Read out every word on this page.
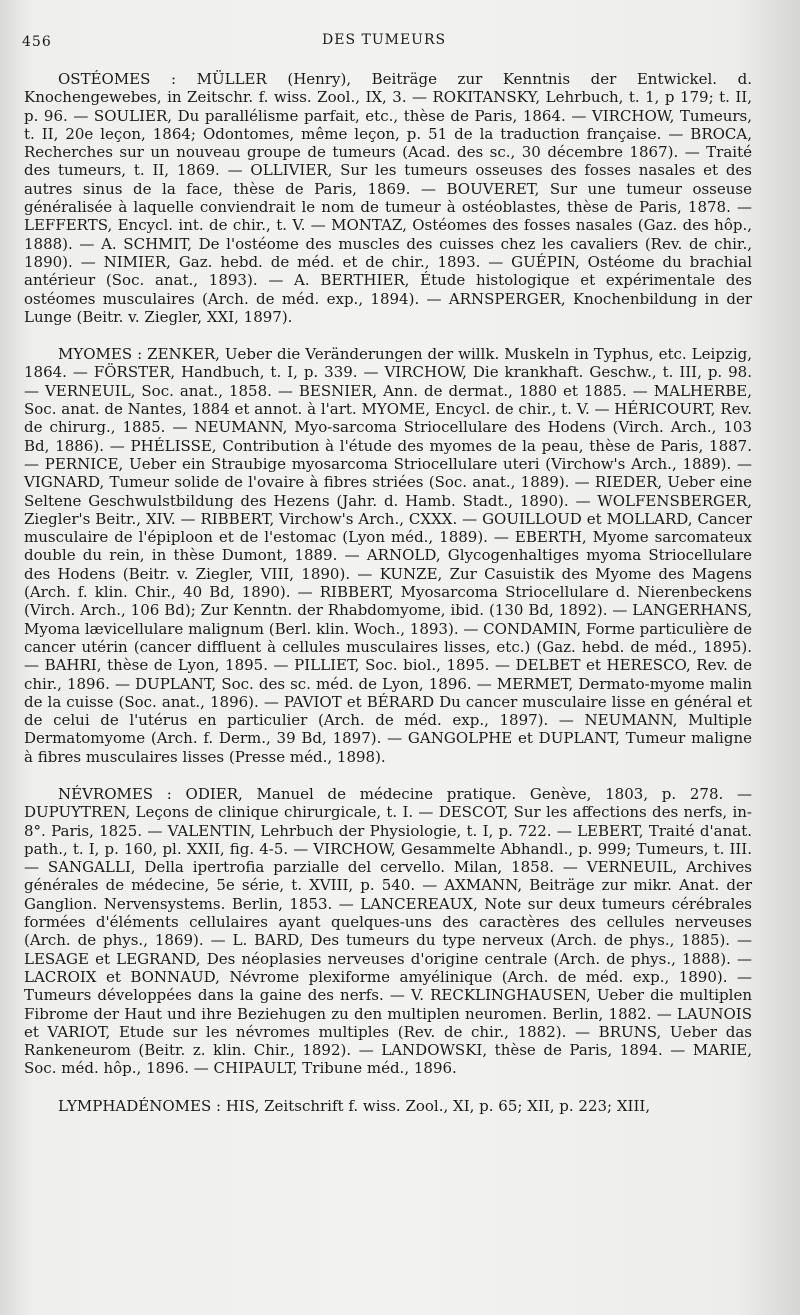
456	DES TUMEURS

OSTÉOMES : MÜLLER (Henry), Beiträge zur Kenntnis der Entwickel. d. Knochengewebes, in Zeitschr. f. wiss. Zool., IX, 3. — ROKITANSKY, Lehrbuch, t. 1, p 179; t. II, p. 96. — SOULIER, Du parallélisme parfait, etc., thèse de Paris, 1864. — VIRCHOW, Tumeurs, t. II, 20e leçon, 1864; Odontomes, même leçon, p. 51 de la traduction française. — BROCA, Recherches sur un nouveau groupe de tumeurs (Acad. des sc., 30 décembre 1867). — Traité des tumeurs, t. II, 1869. — OLLIVIER, Sur les tumeurs osseuses des fosses nasales et des autres sinus de la face, thèse de Paris, 1869. — BOUVERET, Sur une tumeur osseuse généralisée à laquelle conviendrait le nom de tumeur à ostéoblastes, thèse de Paris, 1878. — LEFFERTS, Encycl. int. de chir., t. V. — MONTAZ, Ostéomes des fosses nasales (Gaz. des hôp., 1888). — A. SCHMIT, De l'ostéome des muscles des cuisses chez les cavaliers (Rev. de chir., 1890). — NIMIER, Gaz. hebd. de méd. et de chir., 1893. — GUÉPIN, Ostéome du brachial antérieur (Soc. anat., 1893). — A. BERTHIER, Étude histologique et expérimentale des ostéomes musculaires (Arch. de méd. exp., 1894). — ARNSPERGER, Knochenbildung in der Lunge (Beitr. v. Ziegler, XXI, 1897).

MYOMES : ZENKER, Ueber die Veränderungen der willk. Muskeln in Typhus, etc. Leipzig, 1864. — FÖRSTER, Handbuch, t. I, p. 339. — VIRCHOW, Die krankhaft. Geschw., t. III, p. 98. — VERNEUIL, Soc. anat., 1858. — BESNIER, Ann. de dermat., 1880 et 1885. — MALHERBE, Soc. anat. de Nantes, 1884 et annot. à l'art. MYOME, Encycl. de chir., t. V. — HÉRICOURT, Rev. de chirurg., 1885. — NEUMANN, Myo-sarcoma Striocellulare des Hodens (Virch. Arch., 103 Bd, 1886). — PHÉLISSE, Contribution à l'étude des myomes de la peau, thèse de Paris, 1887. — PERNICE, Ueber ein Straubige myosarcoma Striocellulare uteri (Virchow's Arch., 1889). — VIGNARD, Tumeur solide de l'ovaire à fibres striées (Soc. anat., 1889). — RIEDER, Ueber eine Seltene Geschwulstbildung des Hezens (Jahr. d. Hamb. Stadt., 1890). — WOLFENSBERGER, Ziegler's Beitr., XIV. — RIBBERT, Virchow's Arch., CXXX. — GOUILLOUD et MOLLARD, Cancer musculaire de l'épiploon et de l'estomac (Lyon méd., 1889). — EBERTH, Myome sarcomateux double du rein, in thèse Dumont, 1889. — ARNOLD, Glycogenhaltiges myoma Striocellulare des Hodens (Beitr. v. Ziegler, VIII, 1890). — KUNZE, Zur Casuistik des Myome des Magens (Arch. f. klin. Chir., 40 Bd, 1890). — RIBBERT, Myosarcoma Striocellulare d. Nierenbeckens (Virch. Arch., 106 Bd); Zur Kenntn. der Rhabdomyome, ibid. (130 Bd, 1892). — LANGERHANS, Myoma lævicellulare malignum (Berl. klin. Woch., 1893). — CONDAMIN, Forme particulière de cancer utérin (cancer diffluent à cellules musculaires lisses, etc.) (Gaz. hebd. de méd., 1895). — BAHRI, thèse de Lyon, 1895. — PILLIET, Soc. biol., 1895. — DELBET et HERESCO, Rev. de chir., 1896. — DUPLANT, Soc. des sc. méd. de Lyon, 1896. — MERMET, Dermato-myome malin de la cuisse (Soc. anat., 1896). — PAVIOT et BÉRARD Du cancer musculaire lisse en général et de celui de l'utérus en particulier (Arch. de méd. exp., 1897). — NEUMANN, Multiple Dermatomyome (Arch. f. Derm., 39 Bd, 1897). — GANGOLPHE et DUPLANT, Tumeur maligne à fibres musculaires lisses (Presse méd., 1898).

NÉVROMES : ODIER, Manuel de médecine pratique. Genève, 1803, p. 278. — DUPUYTREN, Leçons de clinique chirurgicale, t. I. — DESCOT, Sur les affections des nerfs, in-8°. Paris, 1825. — VALENTIN, Lehrbuch der Physiologie, t. I, p. 722. — LEBERT, Traité d'anat. path., t. I, p. 160, pl. XXII, fig. 4-5. — VIRCHOW, Gesammelte Abhandl., p. 999; Tumeurs, t. III. — SANGALLI, Della ipertrofia parzialle del cervello. Milan, 1858. — VERNEUIL, Archives générales de médecine, 5e série, t. XVIII, p. 540. — AXMANN, Beiträge zur mikr. Anat. der Ganglion. Nervensystems. Berlin, 1853. — LANCEREAUX, Note sur deux tumeurs cérébrales formées d'éléments cellulaires ayant quelques-uns des caractères des cellules nerveuses (Arch. de phys., 1869). — L. BARD, Des tumeurs du type nerveux (Arch. de phys., 1885). — LESAGE et LEGRAND, Des néoplasies nerveuses d'origine centrale (Arch. de phys., 1888). — LACROIX et BONNAUD, Névrome plexiforme amyélinique (Arch. de méd. exp., 1890). — Tumeurs développées dans la gaine des nerfs. — V. RECKLINGHAUSEN, Ueber die multiplen Fibrome der Haut und ihre Beziehugen zu den multiplen neuromen. Berlin, 1882. — LAUNOIS et VARIOT, Etude sur les névromes multiples (Rev. de chir., 1882). — BRUNS, Ueber das Rankeneurom (Beitr. z. klin. Chir., 1892). — LANDOWSKI, thèse de Paris, 1894. — MARIE, Soc. méd. hôp., 1896. — CHIPAULT, Tribune méd., 1896.

LYMPHADÉNOMES : HIS, Zeitschrift f. wiss. Zool., XI, p. 65; XII, p. 223; XIII,
